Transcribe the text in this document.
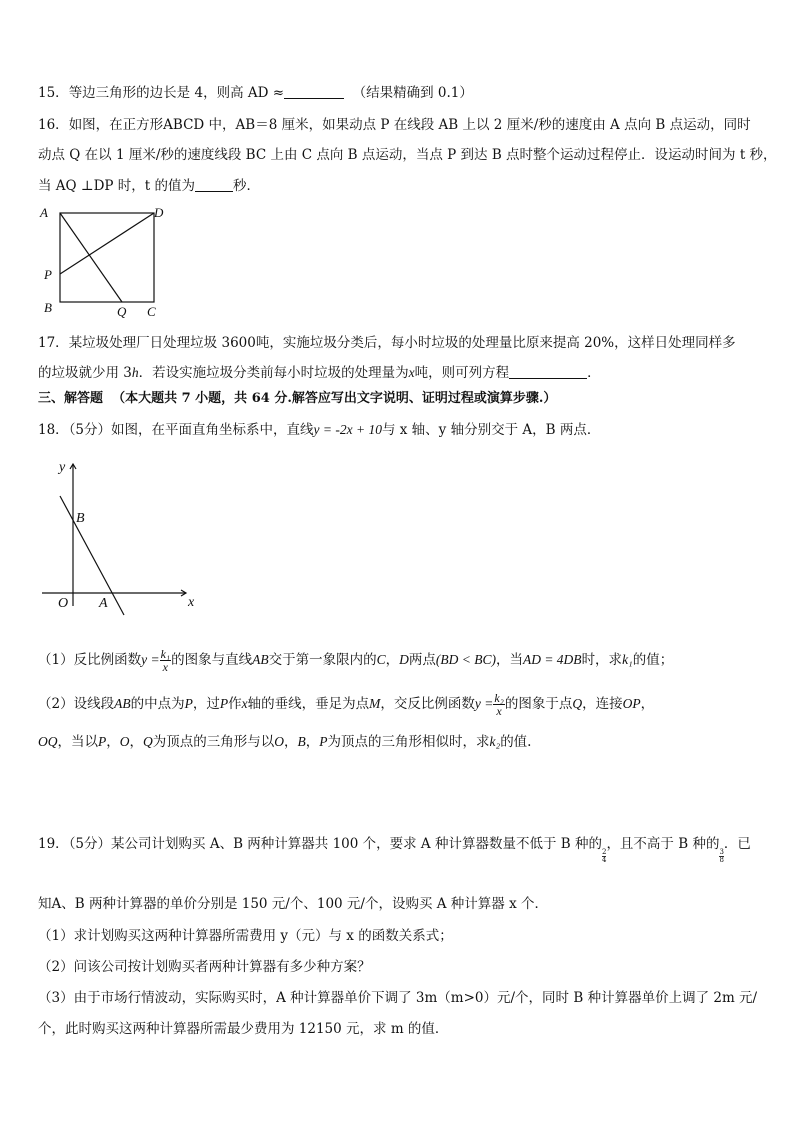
15．等边三角形的边长是 4，则高 AD ≈	（结果精确到 0.1）
16．如图，在正方形ABCD 中，AB＝8 厘米，如果动点 P 在线段 AB 上以 2 厘米/秒的速度由 A 点向 B 点运动，同时
动点 Q 在以 1 厘米/秒的速度线段 BC 上由 C 点向 B 点运动，当点 P 到达 B 点时整个运动过程停止．设运动时间为 t 秒，
当 AQ ⊥DP 时，t 的值为	秒．
A	D
P
B	Q C
17．某垃圾处理厂日处理垃圾 3600吨，实施垃圾分类后，每小时垃圾的处理量比原来提高 20%，这样日处理同样多
的垃圾就少用 3h．若设实施垃圾分类前每小时垃圾的处理量为x吨，则可列方程	．
三、解答题 （本大题共 7 小题，共 64 分.解答应写出文字说明、证明过程或演算步骤.）
18．（5分）如图，在平面直角坐标系中，直线y = -2x + 10与 x 轴、y 轴分别交于 A，B 两点．
y
x
O A
B
（1）反比例函数$y = \frac{\text{k₁}}{x}$ 的图象与直线AB交于第一象限内的C，D两点(BD < BC)，当AD = 4DB时，求k₁的值；
（2）设线段AB的中点为P，过P作x轴的垂线，垂足为点M，交反比例函数$y = \frac{\text{k₂}}{x}$ 的图象于点Q，连接OP，
OQ，当以P，O，Q为顶点的三角形与以O，B，P为顶点的三角形相似时，求k₂的值.
19．（5分）某公司计划购买 A、B 两种计算器共 100 个，要求 A 种计算器数量不低于 B 种的
$\frac{2}{4}$
，且不高于 B 种的
$\frac{3}{8}$
．已
知A、B 两种计算器的单价分别是 150 元/个、100 元/个，设购买 A 种计算器 x 个．
（1）求计划购买这两种计算器所需费用 y（元）与 x 的函数关系式；
（2）问该公司按计划购买者两种计算器有多少种方案？
（3）由于市场行情波动，实际购买时，A 种计算器单价下调了 3m（m>0）元/个，同时 B 种计算器单价上调了 2m 元/
个，此时购买这两种计算器所需最少费用为 12150 元，求 m 的值．
